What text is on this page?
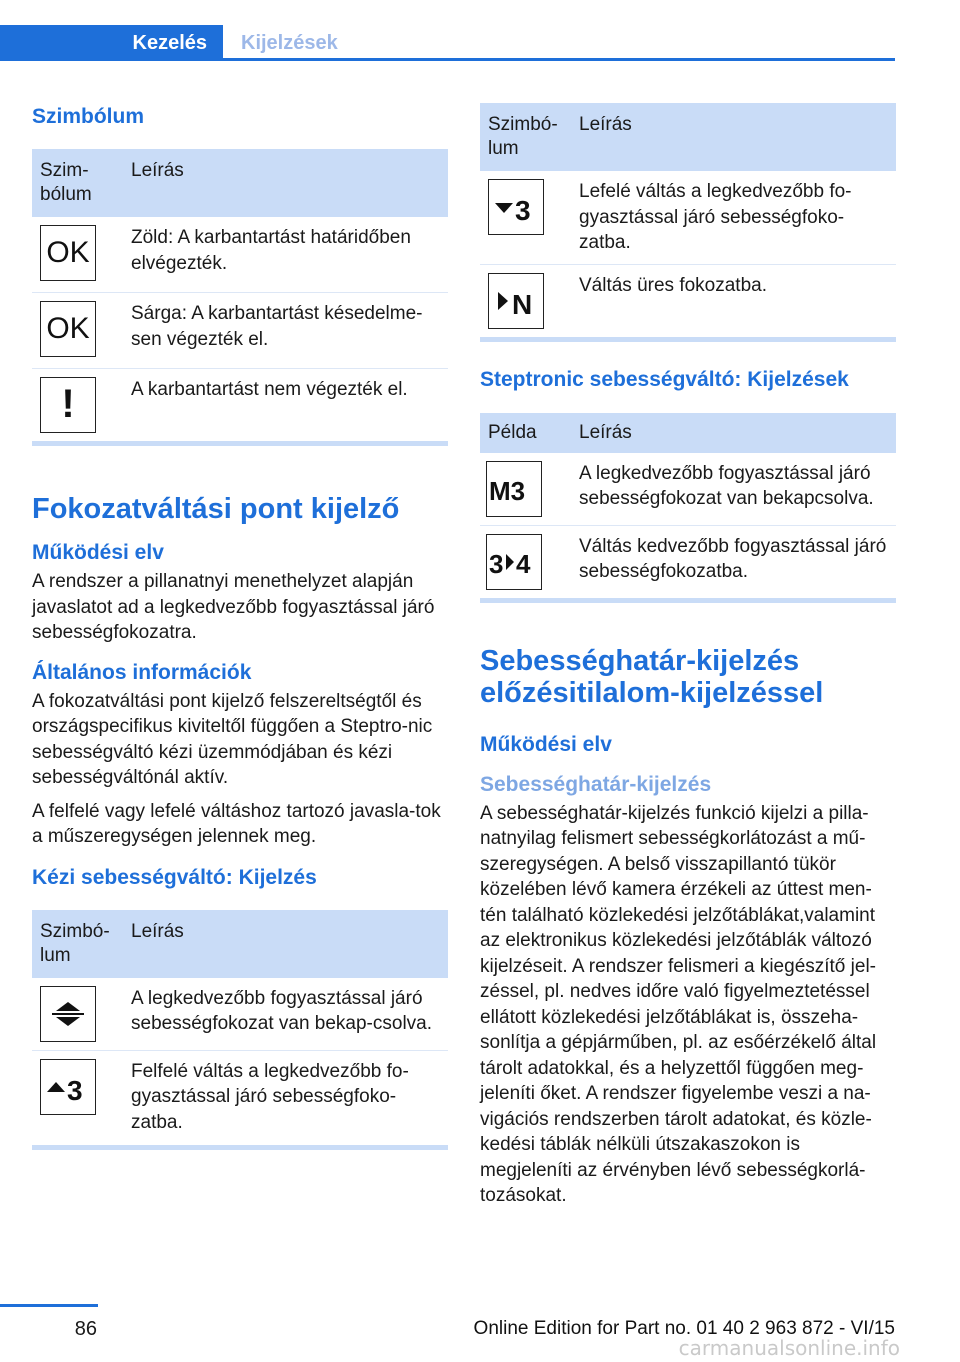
Kezelés	Kijelzések
Szimbólum
Szim-
bólum	Leírás

OK	Zöld: A karbantartást határidőben elvégezték.

OK	Sárga: A karbantartást késedelme-sen végezték el.

!	A karbantartást nem végezték el.
Fokozatváltási pont kijelző
Működési elv
A rendszer a pillanatnyi menethelyzet alapján javaslatot ad a legkedvezőbb fogyasztással járó sebességfokozatra.
Általános információk
A fokozatváltási pont kijelző felszereltségtől és országspecifikus kiviteltől függően a Steptro-nic sebességváltó kézi üzemmódjában és kézi sebességváltónál aktív.
A felfelé vagy lefelé váltáshoz tartozó javasla-tok a műszeregységen jelennek meg.
Kézi sebességváltó: Kijelzés
Szimbó-
lum	Leírás

	A legkedvezőbb fogyasztással járó sebességfokozat van bekap-csolva.

3	Felfelé váltás a legkedvezőbb fo-gyasztással járó sebességfoko-zatba.
Szimbó-
lum	Leírás

3	Lefelé váltás a legkedvezőbb fo-gyasztással járó sebességfoko-zatba.

N	Váltás üres fokozatba.
Steptronic sebességváltó: Kijelzések
Példa	Leírás

M3	A legkedvezőbb fogyasztással járó sebességfokozat van bekapcsolva.

3 4	Váltás kedvezőbb fogyasztással járó sebességfokozatba.
Sebességhatár-kijelzés előzésitilalom-kijelzéssel
Működési elv
Sebességhatár-kijelzés
A sebességhatár-kijelzés funkció kijelzi a pilla-natnyilag felismert sebességkorlátozást a mű-szeregységen. A belső visszapillantó tükör közelében lévő kamera érzékeli az úttest men-tén található közlekedési jelzőtáblákat,valamint az elektronikus közlekedési jelzőtáblák változó kijelzéseit. A rendszer felismeri a kiegészítő jel-zéssel, pl. nedves időre való figyelmeztetéssel ellátott közlekedési jelzőtáblákat is, összeha-sonlítja a gépjárműben, pl. az esőérzékelő által tárolt adatokkal, és a helyzettől függően meg-jeleníti őket. A rendszer figyelembe veszi a na-vigációs rendszerben tárolt adatokat, és közle-kedési táblák nélküli útszakaszokon is megjeleníti az érvényben lévő sebességkorlá-tozásokat.
86	Online Edition for Part no. 01 40 2 963 872 - VI/15
carmanualsonline.info
